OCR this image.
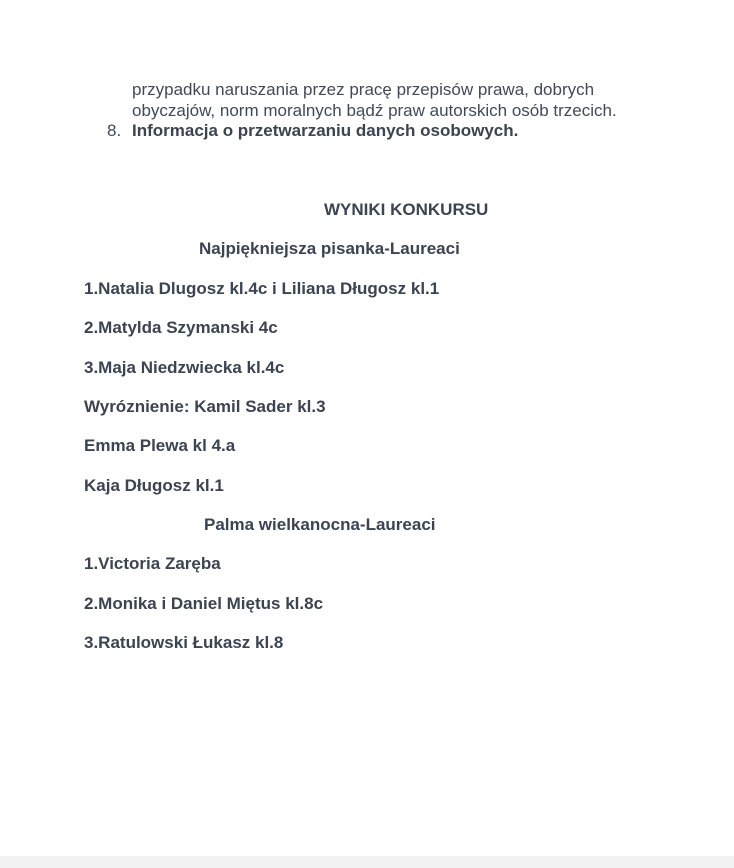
przypadku naruszania przez pracę przepisów prawa, dobrych
obyczajów, norm moralnych bądź praw autorskich osób trzecich.
8. Informacja o przetwarzaniu danych osobowych.
WYNIKI KONKURSU
Najpiękniejsza pisanka-Laureaci
1.Natalia Dlugosz kl.4c i Liliana Długosz kl.1
2.Matylda Szymanski 4c
3.Maja Niedzwiecka kl.4c
Wyróznienie: Kamil Sader kl.3
Emma Plewa kl 4.a
Kaja Długosz kl.1
Palma wielkanocna-Laureaci
1.Victoria Zaręba
2.Monika i Daniel Miętus kl.8c
3.Ratulowski Łukasz kl.8
